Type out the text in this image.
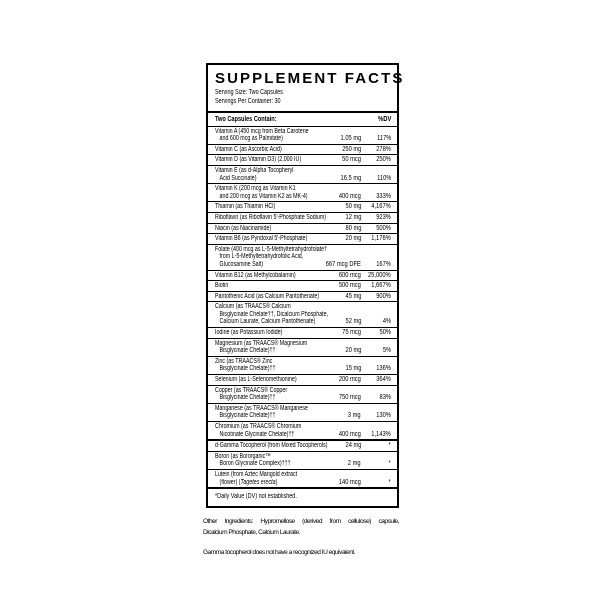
SUPPLEMENT FACTS
Serving Size: Two Capsules
Servings Per Container: 30
Two Capsules Contain:	%DV
Vitamin A (450 mcg from Beta Carotene
and 600 mcg as Palmitate)	1.05 mg	117%
Vitamin C (as Ascorbic Acid)	250 mg	278%
Vitamin D (as Vitamin D3) (2,000 IU)	50 mcg	250%
Vitamin E (as d-Alpha Tocopheryl
Acid Succinate)	16.5 mg	110%
Vitamin K (200 mcg as Vitamin K1
and 200 mcg as Vitamin K2 as MK-4)	400 mcg	333%
Thiamin (as Thiamin HCl)	50 mg	4,167%
Riboflavin (as Riboflavin 5'-Phosphate Sodium)	12 mg	923%
Niacin (as Niacinamide)	80 mg	500%
Vitamin B6 (as Pyridoxal 5'-Phosphate)	20 mg	1,176%
Folate (400 mcg as L-5-Methyltetrahydrofolate†
from L-5-Methyltetrahydrofolic Acid,
Glucosamine Salt)	667 mcg DFE	167%
Vitamin B12 (as Methylcobalamin)	600 mcg	25,000%
Biotin	500 mcg	1,667%
Pantothenic Acid (as Calcium Pantothenate)	45 mg	900%
Calcium (as TRAACS® Calcium
Bisglycinate Chelate††, Dicalcium Phosphate,
Calcium Laurate, Calcium Pantothenate)	52 mg	4%
Iodine (as Potassium Iodide)	75 mcg	50%
Magnesium (as TRAACS® Magnesium
Bisglycinate Chelate)††	20 mg	5%
Zinc (as TRAACS® Zinc
Bisglycinate Chelate)††	15 mg	136%
Selenium (as L-Selenomethionine)	200 mcg	364%
Copper (as TRAACS® Copper
Bisglycinate Chelate)††	750 mcg	83%
Manganese (as TRAACS® Manganese
Bisglycinate Chelate)††	3 mg	130%
Chromium (as TRAACS® Chromium
Nicotinate Glycinate Chelate)††	400 mcg	1,143%
d-Gamma Tocopherol (from Mixed Tocopherols)	24 mg	*
Boron (as Bororganic™
Boron Glycinate Complex)†††	2 mg	*
Lutein (from Aztec Marigold extract
(flower) (Tagetes erecta)	140 mcg	*
*Daily Value (DV) not established.
Other Ingredients: Hypromellose (derived from cellulose) capsule,
Dicalcium Phosphate, Calcium Laurate.
Gamma tocopherol does not have a recognized IU equivalent.
